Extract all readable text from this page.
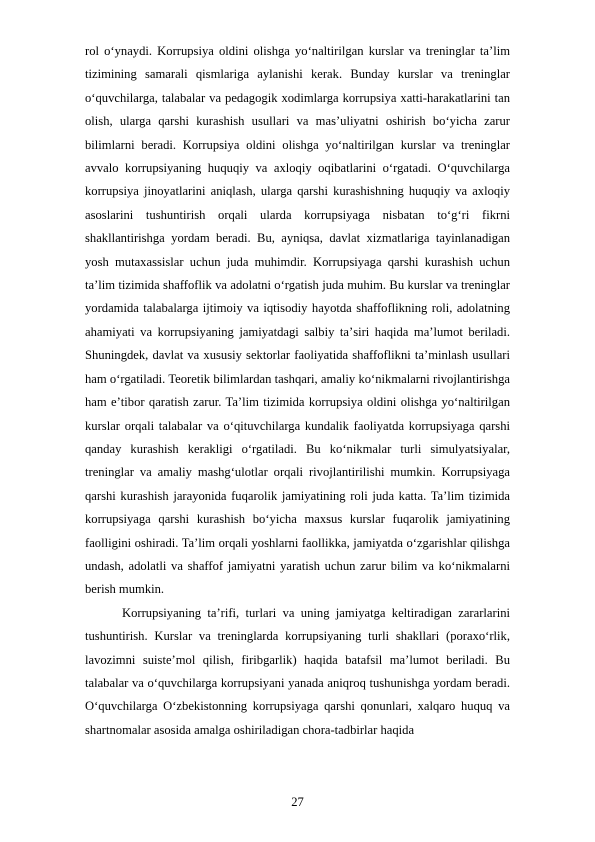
rol oʻynaydi. Korrupsiya oldini olishga yoʻnaltirilgan kurslar va treninglar taʼlim tizimining samarali qismlariga aylanishi kerak. Bunday kurslar va treninglar oʻquvchilarga, talabalar va pedagogik xodimlarga korrupsiya xatti-harakatlarini tan olish, ularga qarshi kurashish usullari va masʼuliyatni oshirish boʻyicha zarur bilimlarni beradi. Korrupsiya oldini olishga yoʻnaltirilgan kurslar va treninglar avvalo korrupsiyaning huquqiy va axloqiy oqibatlarini oʻrgatadi. Oʻquvchilarga korrupsiya jinoyatlarini aniqlash, ularga qarshi kurashishning huquqiy va axloqiy asoslarini tushuntirish orqali ularda korrupsiyaga nisbatan toʻgʻri fikrni shakllantirishga yordam beradi. Bu, ayniqsa, davlat xizmatlariga tayinlanadigan yosh mutaxassislar uchun juda muhimdir. Korrupsiyaga qarshi kurashish uchun taʼlim tizimida shaffoflik va adolatni oʻrgatish juda muhim. Bu kurslar va treninglar yordamida talabalarga ijtimoiy va iqtisodiy hayotda shaffoflikning roli, adolatning ahamiyati va korrupsiyaning jamiyatdagi salbiy taʼsiri haqida maʼlumot beriladi. Shuningdek, davlat va xususiy sektorlar faoliyatida shaffoflikni taʼminlash usullari ham oʻrgatiladi. Teoretik bilimlardan tashqari, amaliy koʻnikmalarni rivojlantirishga ham eʼtibor qaratish zarur. Taʼlim tizimida korrupsiya oldini olishga yoʻnaltirilgan kurslar orqali talabalar va oʻqituvchilarga kundalik faoliyatda korrupsiyaga qarshi qanday kurashish kerakligi oʻrgatiladi. Bu koʻnikmalar turli simulyatsiyalar, treninglar va amaliy mashgʻulotlar orqali rivojlantirilishi mumkin. Korrupsiyaga qarshi kurashish jarayonida fuqarolik jamiyatining roli juda katta. Taʼlim tizimida korrupsiyaga qarshi kurashish boʻyicha maxsus kurslar fuqarolik jamiyatining faolligini oshiradi. Taʼlim orqali yoshlarni faollikka, jamiyatda oʻzgarishlar qilishga undash, adolatli va shaffof jamiyatni yaratish uchun zarur bilim va koʻnikmalarni berish mumkin.

Korrupsiyaning taʼrifi, turlari va uning jamiyatga keltiradigan zararlarini tushuntirish. Kurslar va treninglarda korrupsiyaning turli shakllari (poraxoʻrlik, lavozimni suisteʼmol qilish, firibgarlik) haqida batafsil maʼlumot beriladi. Bu talabalar va oʻquvchilarga korrupsiyani yanada aniqroq tushunishga yordam beradi. Oʻquvchilarga Oʻzbekistonning korrupsiyaga qarshi qonunlari, xalqaro huquq va shartnomalar asosida amalga oshiriladigan chora-tadbirlar haqida

27
